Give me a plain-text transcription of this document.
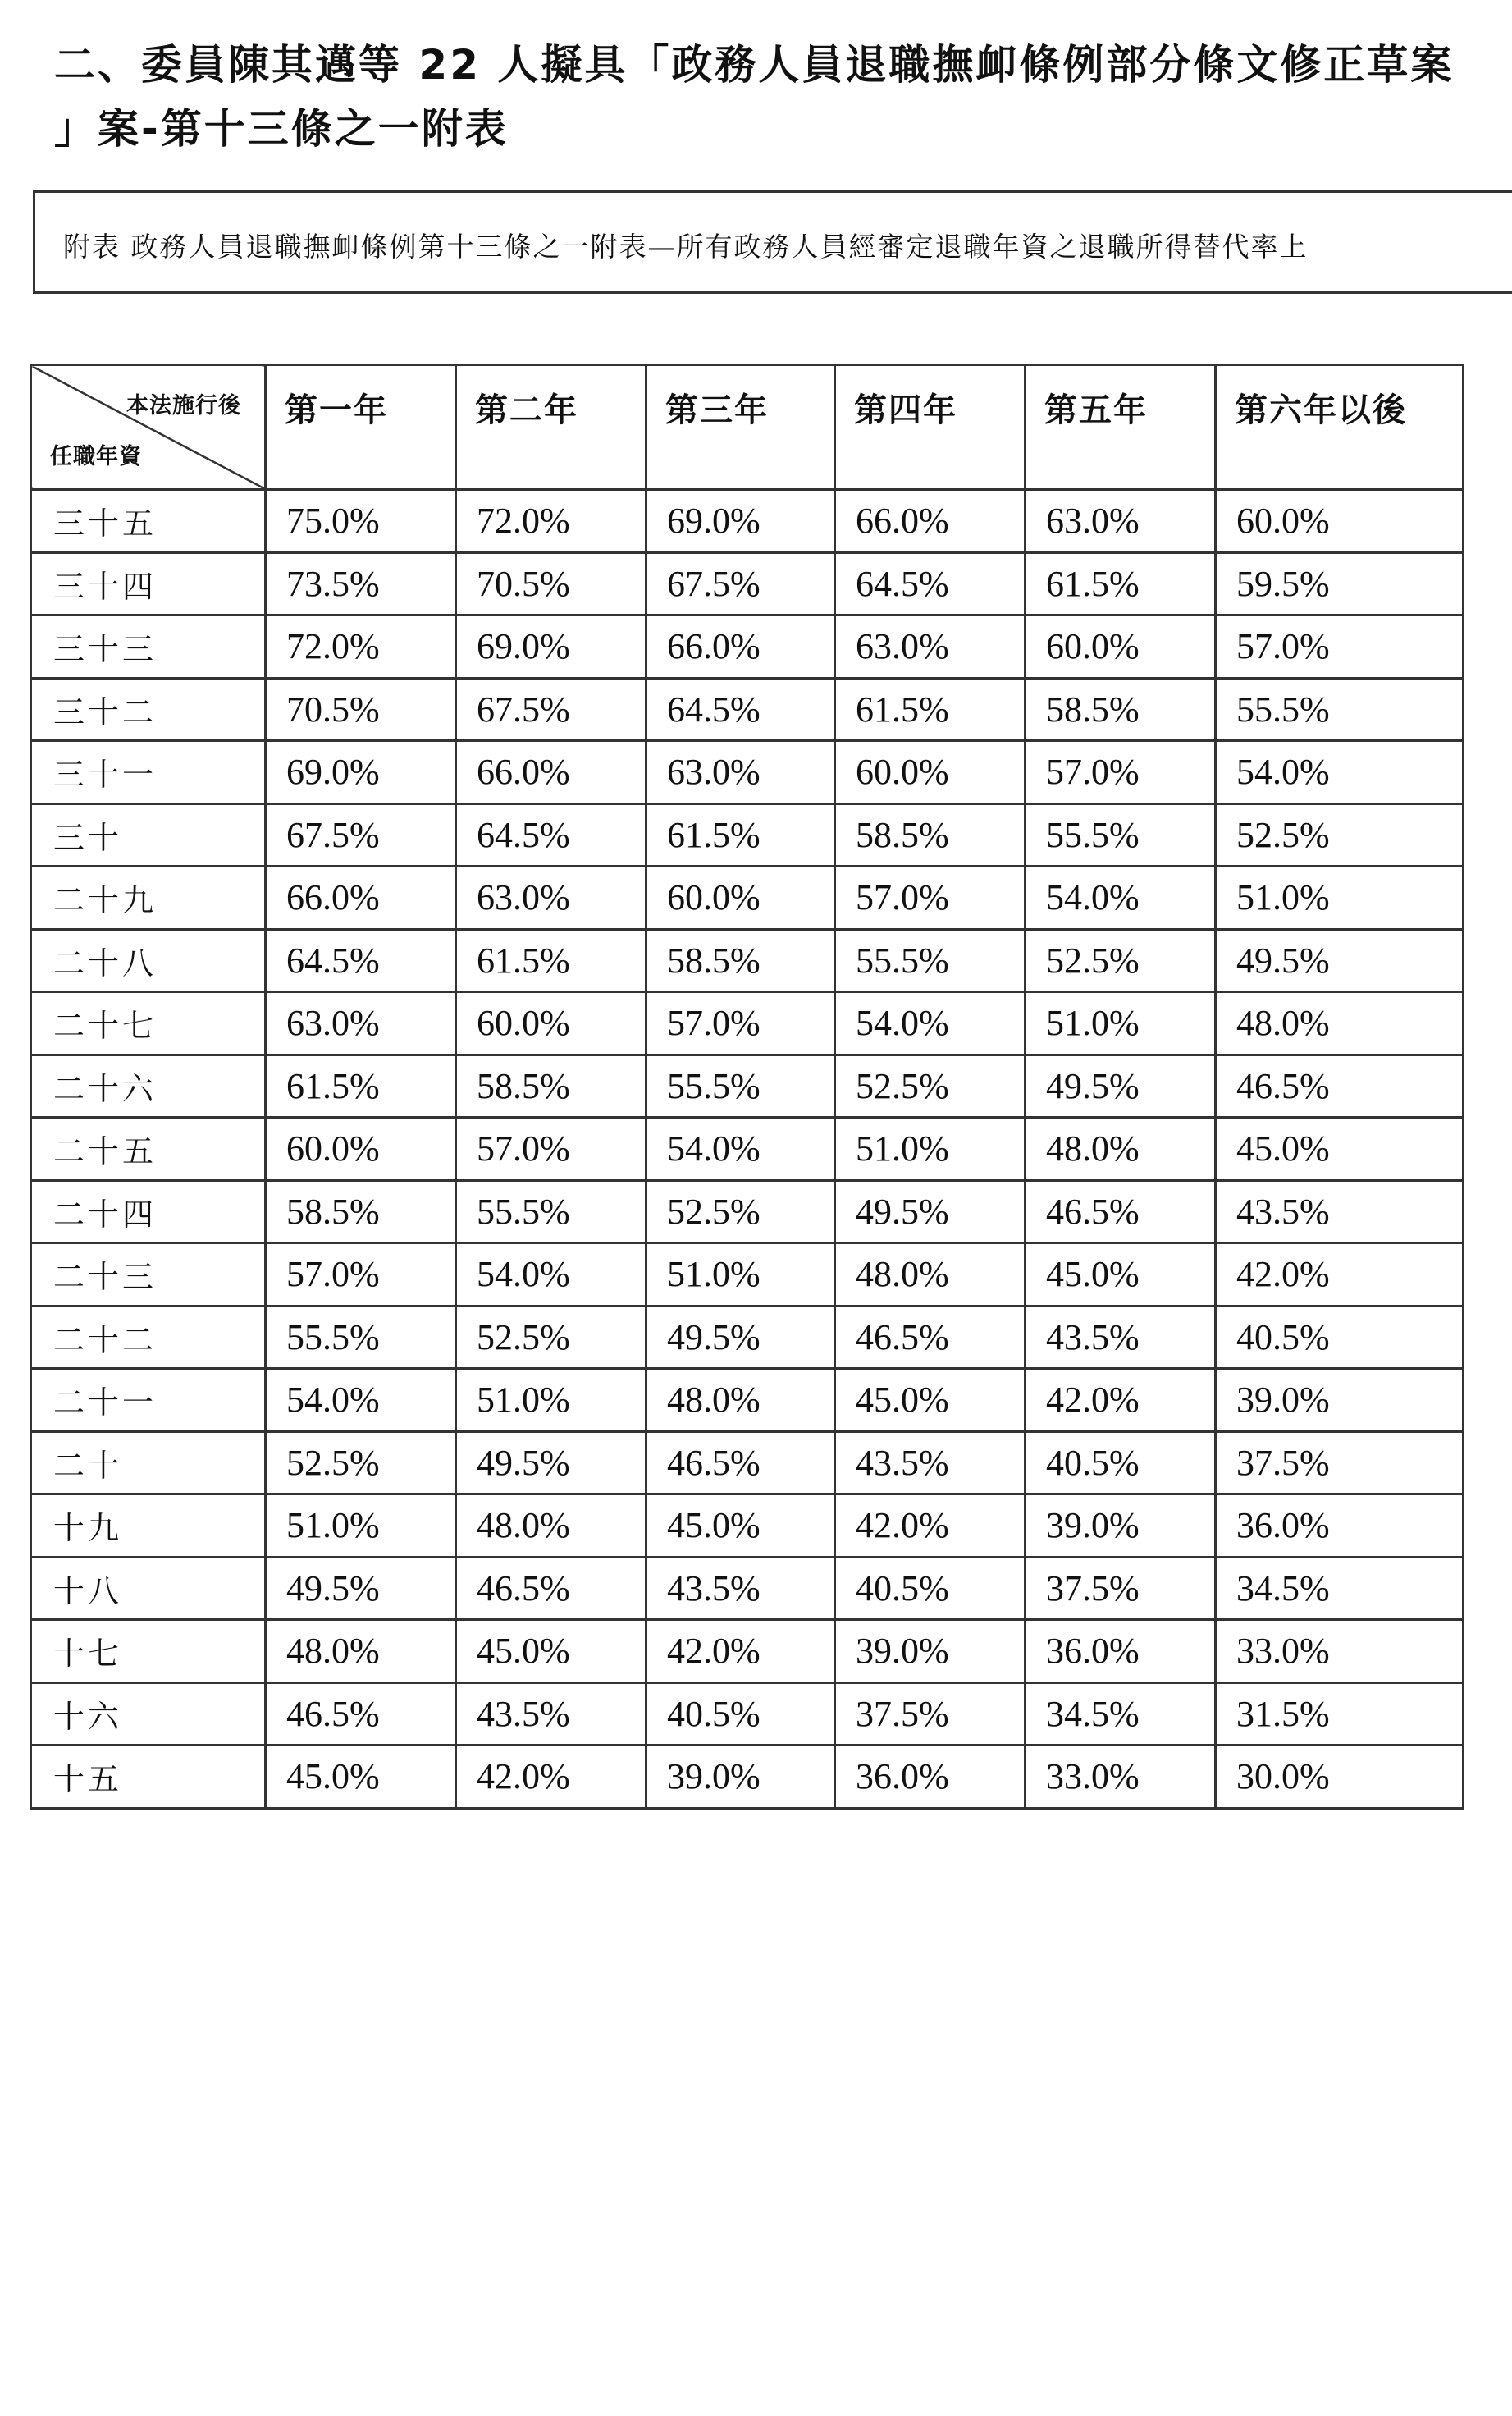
二、委員陳其邁等 22 人擬具「政務人員退職撫卹條例部分條文修正草案
」案-第十三條之一附表
附表 政務人員退職撫卹條例第十三條之一附表—所有政務人員經審定退職年資之退職所得替代率上
本法施行後
任職年資	第一年	第二年	第三年	第四年	第五年	第六年以後
三十五	75.0%	72.0%	69.0%	66.0%	63.0%	60.0%
三十四	73.5%	70.5%	67.5%	64.5%	61.5%	59.5%
三十三	72.0%	69.0%	66.0%	63.0%	60.0%	57.0%
三十二	70.5%	67.5%	64.5%	61.5%	58.5%	55.5%
三十一	69.0%	66.0%	63.0%	60.0%	57.0%	54.0%
三十	67.5%	64.5%	61.5%	58.5%	55.5%	52.5%
二十九	66.0%	63.0%	60.0%	57.0%	54.0%	51.0%
二十八	64.5%	61.5%	58.5%	55.5%	52.5%	49.5%
二十七	63.0%	60.0%	57.0%	54.0%	51.0%	48.0%
二十六	61.5%	58.5%	55.5%	52.5%	49.5%	46.5%
二十五	60.0%	57.0%	54.0%	51.0%	48.0%	45.0%
二十四	58.5%	55.5%	52.5%	49.5%	46.5%	43.5%
二十三	57.0%	54.0%	51.0%	48.0%	45.0%	42.0%
二十二	55.5%	52.5%	49.5%	46.5%	43.5%	40.5%
二十一	54.0%	51.0%	48.0%	45.0%	42.0%	39.0%
二十	52.5%	49.5%	46.5%	43.5%	40.5%	37.5%
十九	51.0%	48.0%	45.0%	42.0%	39.0%	36.0%
十八	49.5%	46.5%	43.5%	40.5%	37.5%	34.5%
十七	48.0%	45.0%	42.0%	39.0%	36.0%	33.0%
十六	46.5%	43.5%	40.5%	37.5%	34.5%	31.5%
十五	45.0%	42.0%	39.0%	36.0%	33.0%	30.0%
